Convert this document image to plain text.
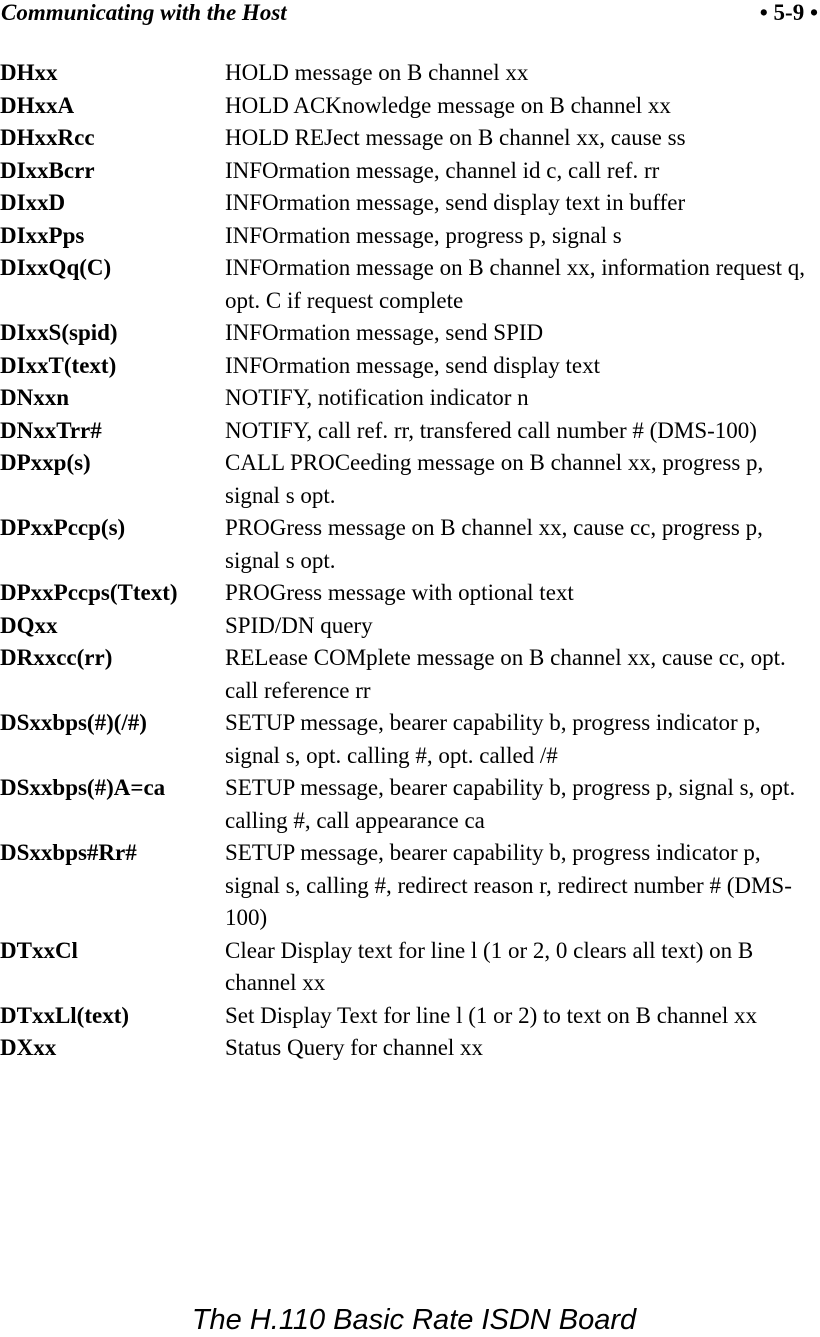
Communicating with the Host	• 5-9 •
DHxx	HOLD message on B channel xx
DHxxA	HOLD ACKnowledge message on B channel xx
DHxxRcc	HOLD REJect message on B channel xx, cause ss
DIxxBcrr	INFOrmation message, channel id c, call ref. rr
DIxxD	INFOrmation message, send display text in buffer
DIxxPps	INFOrmation message, progress p, signal s
DIxxQq(C)	INFOrmation message on B channel xx, information request q, opt. C if request complete
DIxxS(spid)	INFOrmation message, send SPID
DIxxT(text)	INFOrmation message, send display text
DNxxn	NOTIFY, notification indicator n
DNxxTrr#	NOTIFY, call ref. rr, transfered call number # (DMS-100)
DPxxp(s)	CALL PROCeeding message on B channel xx, progress p, signal s opt.
DPxxPccp(s)	PROGress message on B channel xx, cause cc, progress p, signal s opt.
DPxxPccps(Ttext)	PROGress message with optional text
DQxx	SPID/DN query
DRxxcc(rr)	RELease COMplete message on B channel xx, cause cc, opt. call reference rr
DSxxbps(#)(/#)	SETUP message, bearer capability b, progress indicator p, signal s, opt. calling #, opt. called /#
DSxxbps(#)A=ca	SETUP message, bearer capability b, progress p, signal s, opt. calling #, call appearance ca
DSxxbps#Rr#	SETUP message, bearer capability b, progress indicator p, signal s, calling #, redirect reason r, redirect number # (DMS-100)
DTxxCl	Clear Display text for line l (1 or 2, 0 clears all text) on B channel xx
DTxxLl(text)	Set Display Text for line l (1 or 2) to text on B channel xx
DXxx	Status Query for channel xx
The H.110 Basic Rate ISDN Board
